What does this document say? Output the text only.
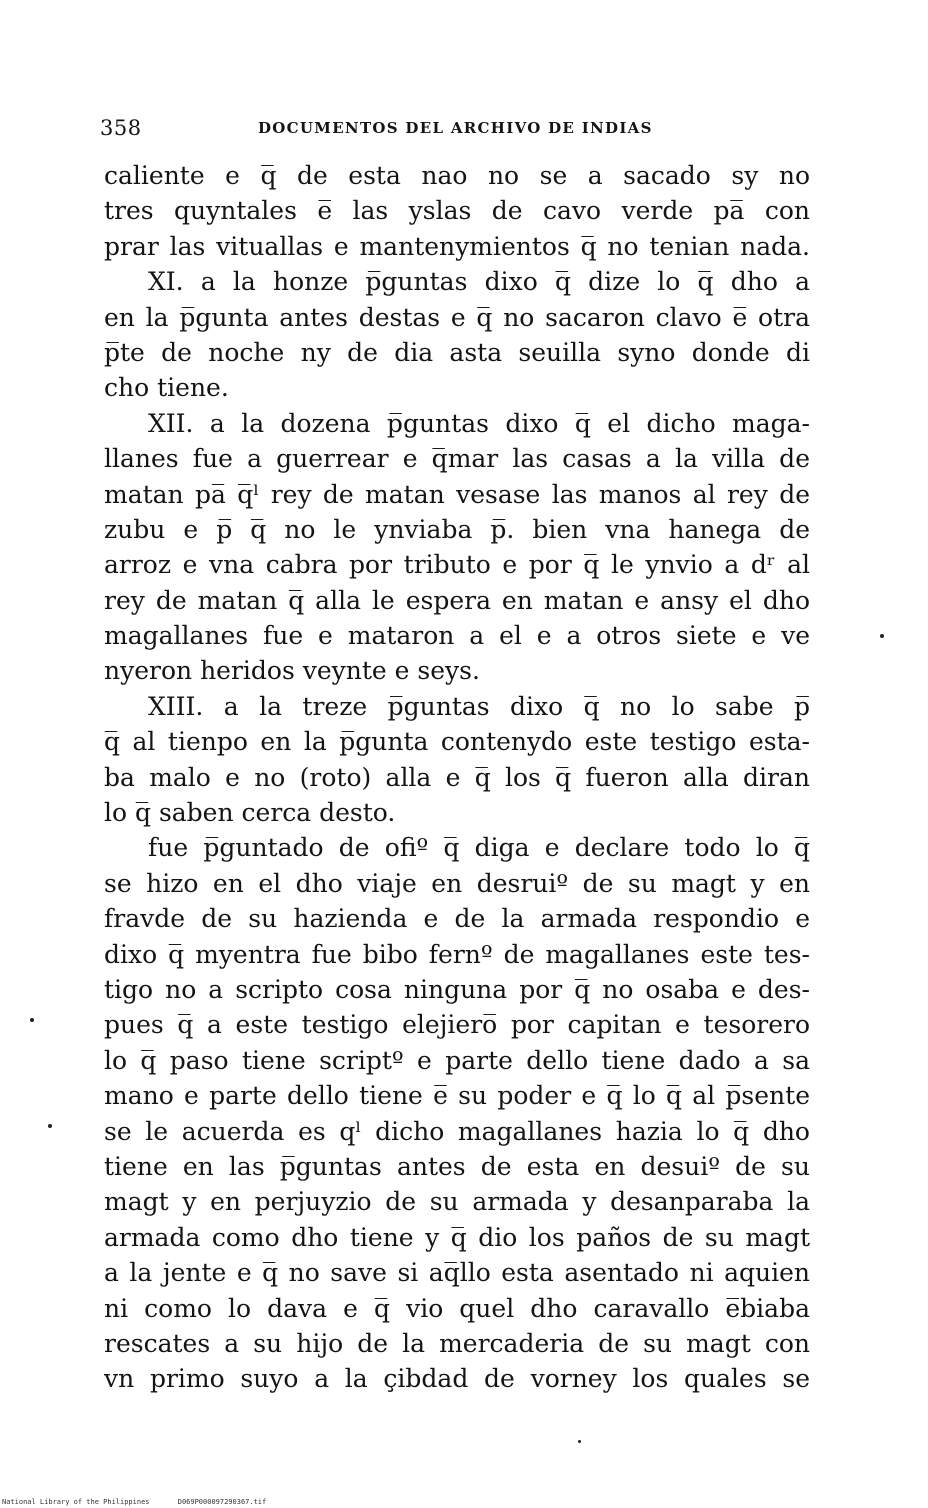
358	DOCUMENTOS DEL ARCHIVO DE INDIAS
caliente e q̅ de esta nao no se a sacado sy no
tres quyntales e̅ las yslas de cavo verde pa̅ con
prar las vituallas e mantenymientos q̅ no tenian nada.
XI. a la honze p̅guntas dixo q̅ dize lo q̅ dho a
en la p̅gunta antes destas e q̅ no sacaron clavo e̅ otra
p̅te de noche ny de dia asta seuilla syno donde di
cho tiene.
XII. a la dozena p̅guntas dixo q̅ el dicho maga-
llanes fue a guerrear e q̅mar las casas a la villa de
matan pa̅ q̅ˡ rey de matan vesase las manos al rey de
zubu e p̅ q̅ no le ynviaba p̅. bien vna hanega de
arroz e vna cabra por tributo e por q̅ le ynvio a dʳ al
rey de matan q̅ alla le espera en matan e ansy el dho
magallanes fue e mataron a el e a otros siete e ve
nyeron heridos veynte e seys.
XIII. a la treze p̅guntas dixo q̅ no lo sabe p̅
q̅ al tienpo en la p̅gunta contenydo este testigo esta-
ba malo e no (roto) alla e q̅ los q̅ fueron alla diran
lo q̅ saben cerca desto.
fue p̅guntado de ofiº q̅ diga e declare todo lo q̅
se hizo en el dho viaje en desruiº de su magt y en
fravde de su hazienda e de la armada respondio e
dixo q̅ myentra fue bibo fernº de magallanes este tes-
tigo no a scripto cosa ninguna por q̅ no osaba e des-
pues q̅ a este testigo elejiero̅ por capitan e tesorero
lo q̅ paso tiene scriptº e parte dello tiene dado a sa
mano e parte dello tiene e̅ su poder e q̅ lo q̅ al p̅sente
se le acuerda es qˡ dicho magallanes hazia lo q̅ dho
tiene en las p̅guntas antes de esta en desuiº de su
magt y en perjuyzio de su armada y desanparaba la
armada como dho tiene y q̅ dio los paños de su magt
a la jente e q̅ no save si aq̅llo esta asentado ni aquien
ni como lo dava e q̅ vio quel dho caravallo e̅biaba
rescates a su hijo de la mercaderia de su magt con
vn primo suyo a la çibdad de vorney los quales se
National Library of the Philippines	D069P000097290367.tif
